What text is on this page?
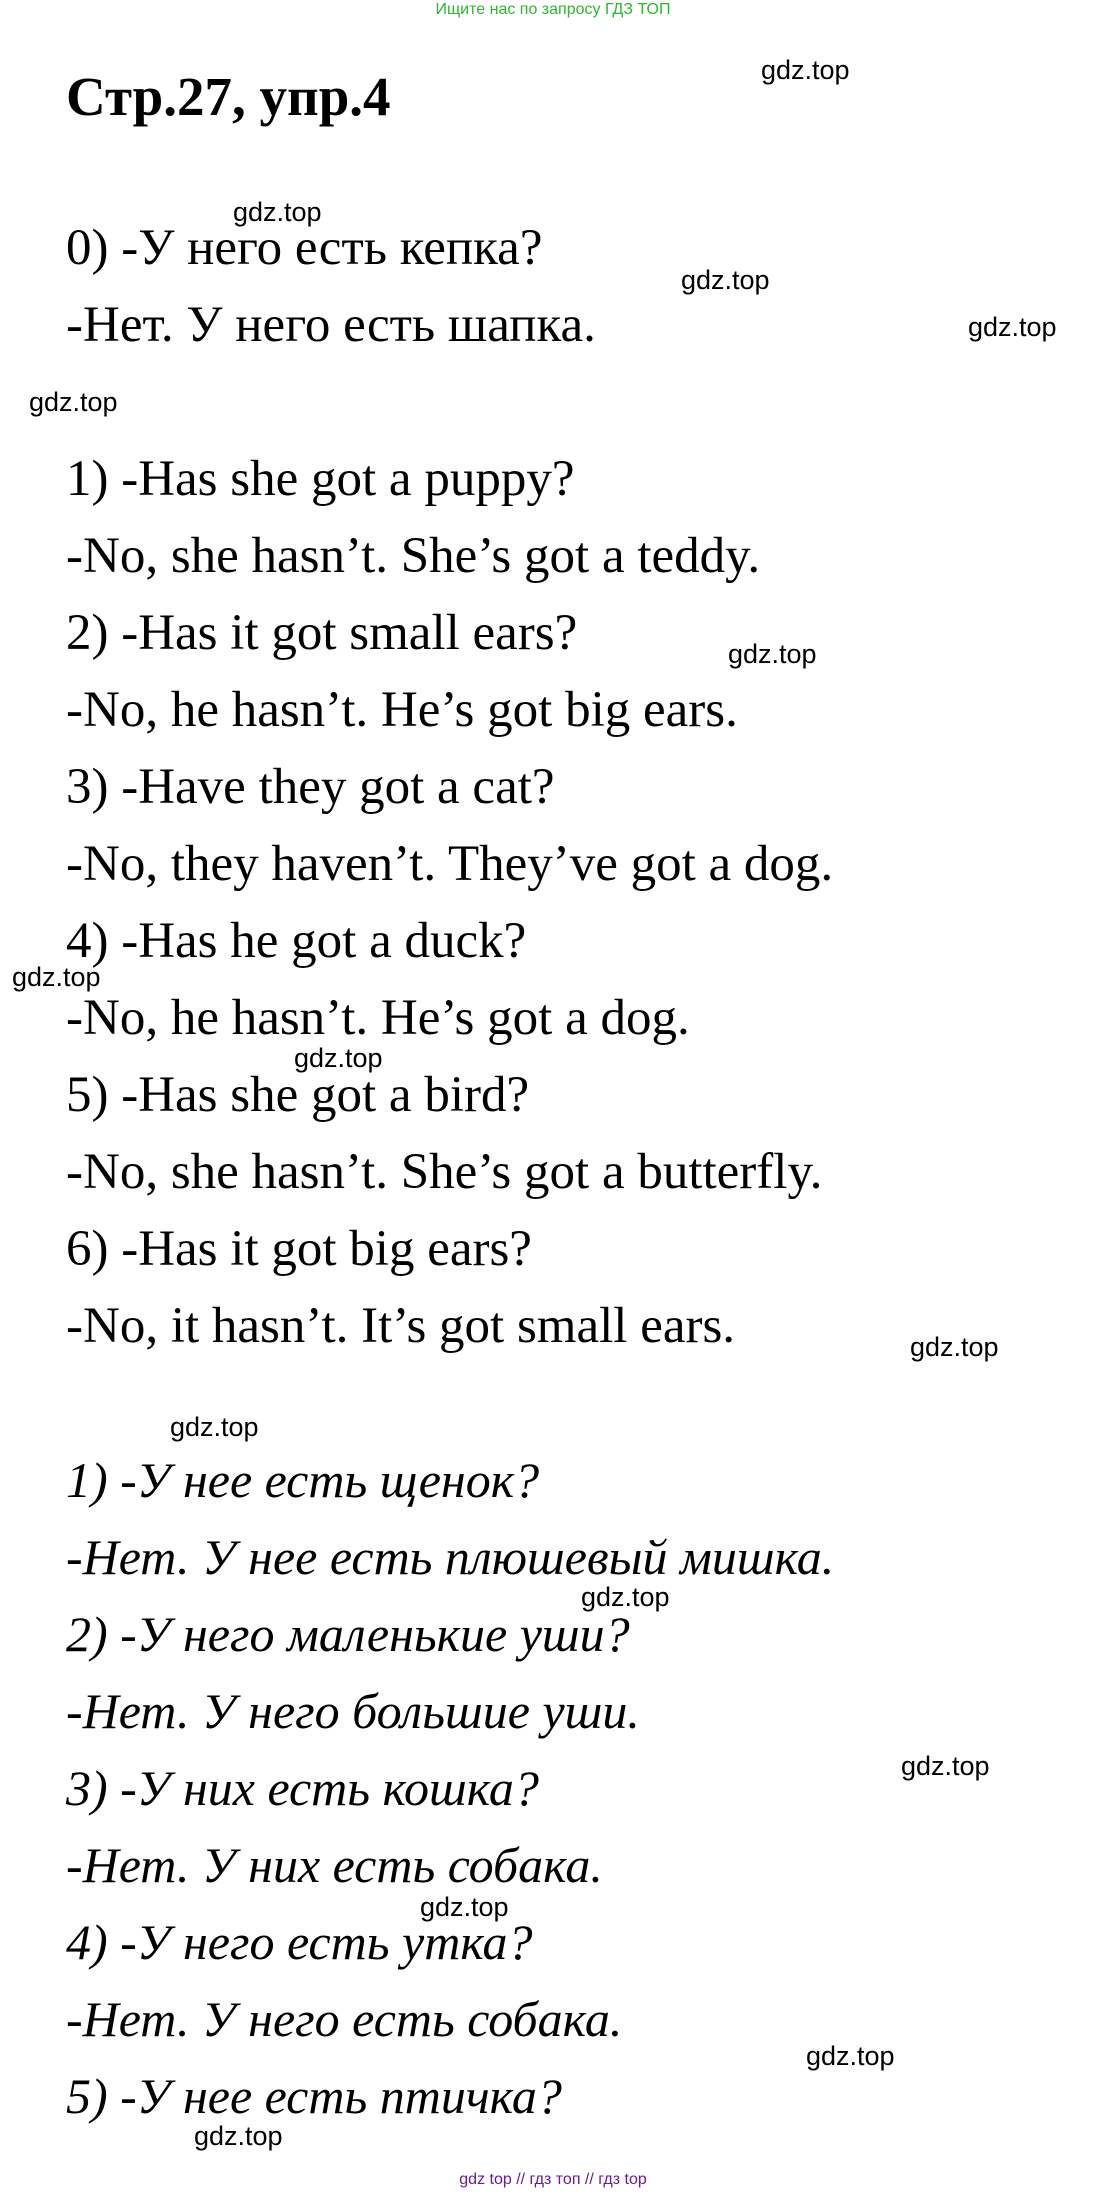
Ищите нас по запросу ГДЗ ТОП
Стр.27, упр.4

0) -У него есть кепка?

-Нет. У него есть шапка.

1) -Has she got a puppy?

-No, she hasn’t. She’s got a teddy.

2) -Has it got small ears?

-No, he hasn’t. He’s got big ears.

3) -Have they got a cat?

-No, they haven’t. They’ve got a dog.

4) -Has he got a duck?

-No, he hasn’t. He’s got a dog.

5) -Has she got a bird?

-No, she hasn’t. She’s got a butterfly.

6) -Has it got big ears?

-No, it hasn’t. It’s got small ears.

1) -У нее есть щенок?

-Нет. У нее есть плюшевый мишка.

2) -У него маленькие уши?

-Нет. У него большие уши.

3) -У них есть кошка?

-Нет. У них есть собака.

4) -У него есть утка?

-Нет. У него есть собака.

5) -У нее есть птичка?

gdz.top
gdz.top
gdz.top
gdz.top
gdz.top
gdz.top
gdz.top
gdz.top
gdz.top
gdz.top
gdz.top
gdz.top
gdz.top
gdz.top
gdz.top
gdz top // гдз топ // гдз top
